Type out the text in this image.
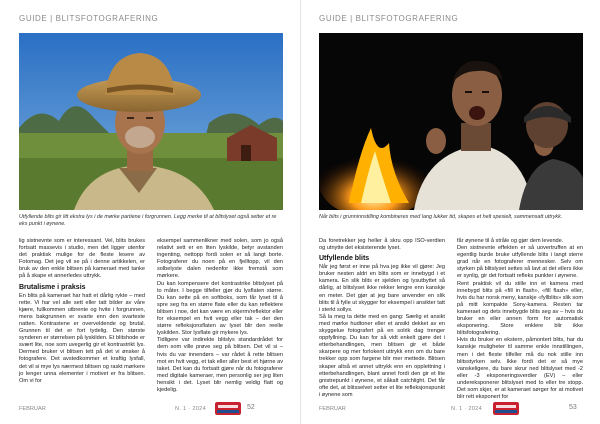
GUIDE | BLITSFOTOGRAFERING
Utfyllende blits gir litt ekstra lys i de mørke partiene i forgrunnen. Legg merke til at blitslyset også setter et re eks punkt i øynene.

lig sistnevnte som er interessant. Vel, blits brukes fortsatt massevis i studio, men det ligger utenfor det praktisk mulige for de fleste lesere av Fotomag. Det jeg vil se på i denne artikkelen, er bruk av den enkle blitsen på kameraet med tanke på å skape et annerledes uttrykk.

Brutalisme i praksis

En blits på kameraet har hatt et dårlig rykte – med rette. Vi har vel alle sett eller tatt bilder av våre kjære, fullkommen utbrente og hvite i forgrunnen, mens bakgrunnen er svarte enn den svarteste natten. Kontrastene er overveldende og brutal. Grunnen til det er fort tydelig. Den største synderen er størrelsen på lyskilden. Et blitshode er svært lite, noe som uvegerlig gir et kontrastrikt lys. Dermed bruker vi blitsen tett på det vi ønsker å fotografere. Det avstedkommer et kraftig lysfall, det vil si mye lys nærmest blitsen og raskt mørkere jo lenger unna elementer i motivet er fra blitsen. Om vi for

eksempel sammenlikner med solen, som jo også relativt sett er en liten lyskilde, betyr avstanden ingenting, nettopp fordi solen er så langt borte. Fotograferer du noen på en fjelltopp, vil den solbelyste dalen nedenfor ikke fremstå som mørkere.

Du kan kompensere det kontrastrike blitslyset på to måter. I begge tilfeller gjør du lysflaten større. Du kan sette på en softboks, som får lyset til å spre seg fra en større flate eller du kan reflektere blitsen i noe, det kan være en skjerm/reflektor eller for eksempel en hvit vegg eller tak – der den større refleksjonsflaten av lyset blir den reelle lyskilden. Stor lysflate gir mykere lys.

Tidligere var indirekte blitslys standardrådet for dem som ville prøve seg på blitsen. Det vil si – hvis du var innendørs – var rådet å rette blitsen mot en hvit vegg, et tak eller aller best et hjørne av taket. Det kan du fortsatt gjøre når du fotograferer med digitale kameraer, men personlig ser jeg liten hensikt i det. Lyset blir nemlig veldig flatt og kjedelig.

FEBRUAR	N. 1 · 2024	52
GUIDE | BLITSFOTOGRAFERING
Når blits i grunninnstilling kombineres med lang lukker tid, skapes et helt spesielt, sammensatt uttrykk.

Da foretrekker jeg heller å skru opp ISO-verdien og utnytte det eksisterende lyset.

Utfyllende blits

Når jeg først er inne på hva jeg ikke vil gjøre: Jeg bruker nesten aldri en blits som er innebygd i et kamera. En slik blits er sjelden og lysutbyttet så dårlig, at blitslyset ikke rekker lengre enn kanskje en meter. Det gjør at jeg bare anvender en slik blits til å fylle ut skygger for eksempel i ansikter tatt i sterkt sollys.

Så la meg ta dette med en gang: Særlig et ansikt med mørke hudtoner eller et ansikt dekket av en skyggelue fotografert på en solrik dag trenger oppfyllning. Du kan for så vidt enkelt gjøre det i etterbehandlingen, men blitsen gir et både skarpere og mer forlokent uttrykk enn om du bare trekker opp som fargene blir mer mettede. Blitsen skaper altså et annet uttrykk enn en opplettning i etterbehandlingen, blant annet fordi den gir et lite gnistrepunkt i øynene, et såkalt catchlight. Det får ofte det, at blitsselvet setter et lite refleksjonspunkt i øynene som

får øynene til å stråle og gjør dem levende.

Den sistnevnte effekten er så uovertruffen at en egentlig burde bruke utfyllende blits i langt sterre grad når en fotograferer mennesker. Selv om styrken på blitslyset settes så lavt at det ellers ikke er synlig, gir det fortsatt refleks punkter i øynene.

Rent praktisk vil du stille inn et kamera med innebygd blits på «fill in flash», «fill flash» eller, hvis du har norsk meny, kanskje «fyllblits» slik som på mitt kompakte Sony-kamera. Resten tar kameraet og dets innebygde blits seg av – hvis du bruker en eller annen form for automatisk eksponering. Store enklere blir ikke blitsfotografering.

Hvis du bruker en ekstern, påmontert blits, har du kanskje muligheter til samme enkle innstillingen, men i det fleste tilfeller må du nok stille inn blitsstyrken selv. Ikke fordi det er så mye vanskeligere, du bare skrur ned blitslyset med -2 eller -3 eksponeringsverdier (EV) – eller undereksponerer blitslyset med to eller tre stopp. Det som skjer, er at kameraet sørger for at motivet blir rett eksponert for

FEBRUAR	N. 1 · 2024	53
